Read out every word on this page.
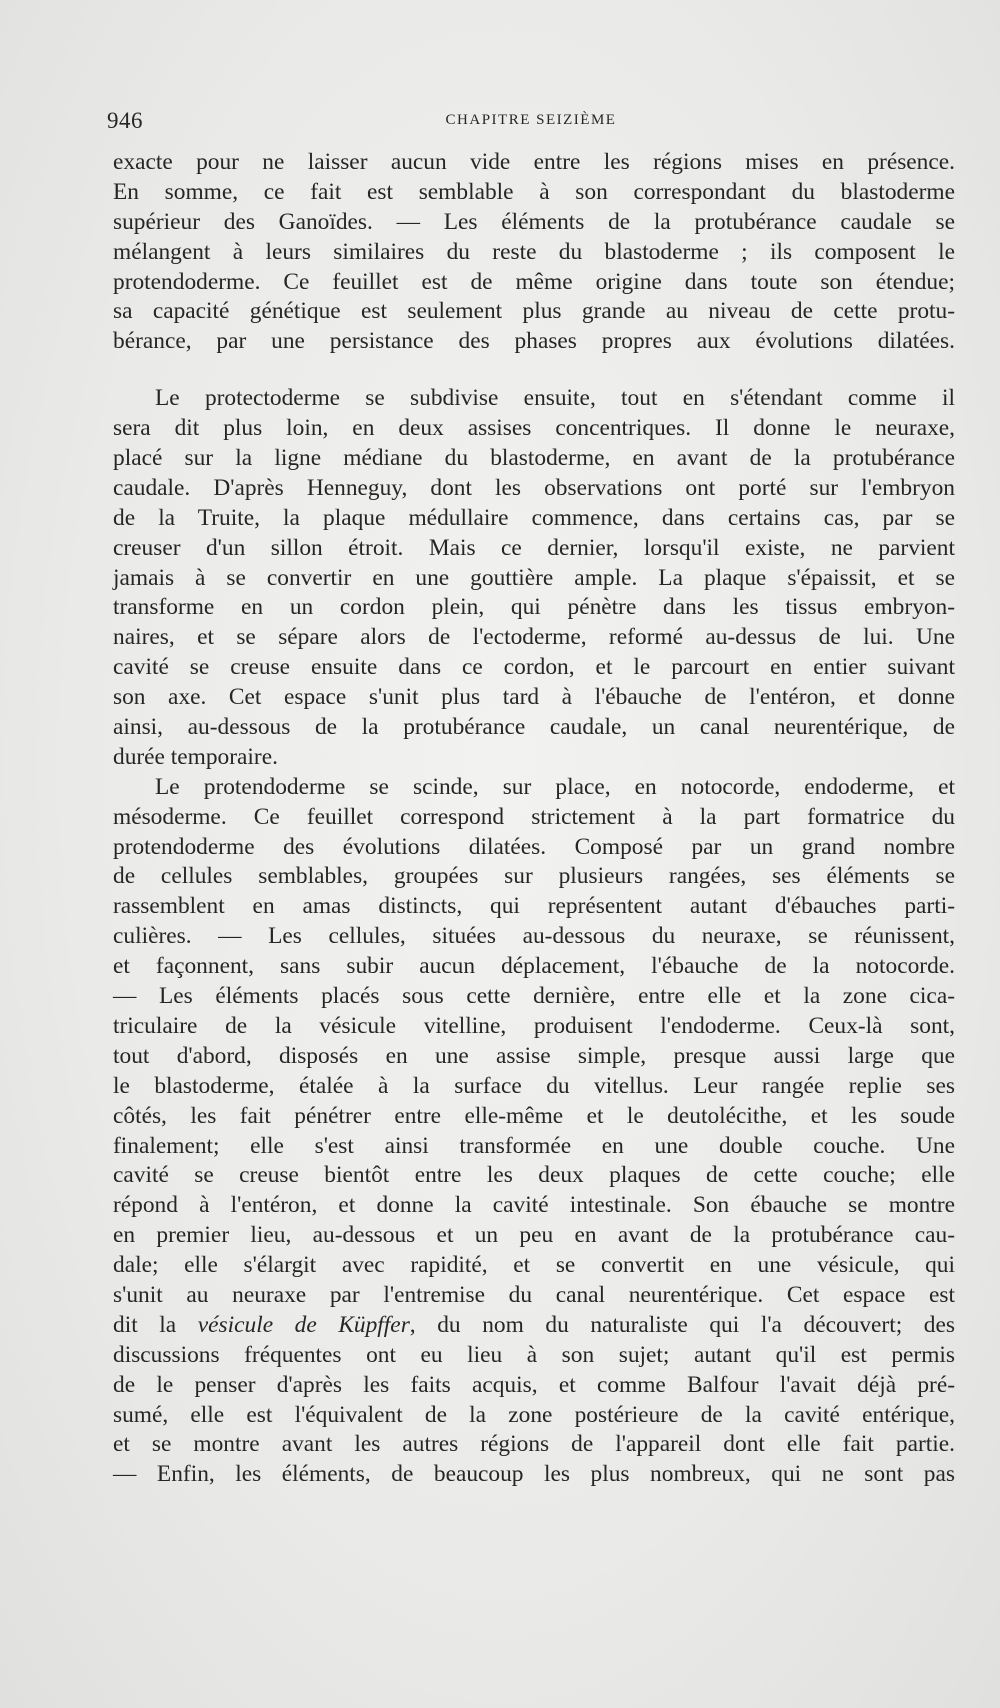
946	CHAPITRE SEIZIÈME
exacte pour ne laisser aucun vide entre les régions mises en présence.
En somme, ce fait est semblable à son correspondant du blastoderme
supérieur des Ganoïdes. — Les éléments de la protubérance caudale se
mélangent à leurs similaires du reste du blastoderme ; ils composent le
protendoderme. Ce feuillet est de même origine dans toute son étendue;
sa capacité génétique est seulement plus grande au niveau de cette protu-
bérance, par une persistance des phases propres aux évolutions dilatées.
Le protectoderme se subdivise ensuite, tout en s'étendant comme il
sera dit plus loin, en deux assises concentriques. Il donne le neuraxe,
placé sur la ligne médiane du blastoderme, en avant de la protubérance
caudale. D'après Henneguy, dont les observations ont porté sur l'embryon
de la Truite, la plaque médullaire commence, dans certains cas, par se
creuser d'un sillon étroit. Mais ce dernier, lorsqu'il existe, ne parvient
jamais à se convertir en une gouttière ample. La plaque s'épaissit, et se
transforme en un cordon plein, qui pénètre dans les tissus embryon-
naires, et se sépare alors de l'ectoderme, reformé au-dessus de lui. Une
cavité se creuse ensuite dans ce cordon, et le parcourt en entier suivant
son axe. Cet espace s'unit plus tard à l'ébauche de l'entéron, et donne
ainsi, au-dessous de la protubérance caudale, un canal neurentérique, de
durée temporaire.
Le protendoderme se scinde, sur place, en notocorde, endoderme, et
mésoderme. Ce feuillet correspond strictement à la part formatrice du
protendoderme des évolutions dilatées. Composé par un grand nombre
de cellules semblables, groupées sur plusieurs rangées, ses éléments se
rassemblent en amas distincts, qui représentent autant d'ébauches parti-
culières. — Les cellules, situées au-dessous du neuraxe, se réunissent,
et façonnent, sans subir aucun déplacement, l'ébauche de la notocorde.
— Les éléments placés sous cette dernière, entre elle et la zone cica-
triculaire de la vésicule vitelline, produisent l'endoderme. Ceux-là sont,
tout d'abord, disposés en une assise simple, presque aussi large que
le blastoderme, étalée à la surface du vitellus. Leur rangée replie ses
côtés, les fait pénétrer entre elle-même et le deutolécithe, et les soude
finalement; elle s'est ainsi transformée en une double couche. Une
cavité se creuse bientôt entre les deux plaques de cette couche; elle
répond à l'entéron, et donne la cavité intestinale. Son ébauche se montre
en premier lieu, au-dessous et un peu en avant de la protubérance cau-
dale; elle s'élargit avec rapidité, et se convertit en une vésicule, qui
s'unit au neuraxe par l'entremise du canal neurentérique. Cet espace est
dit la vésicule de Küpffer, du nom du naturaliste qui l'a découvert; des
discussions fréquentes ont eu lieu à son sujet; autant qu'il est permis
de le penser d'après les faits acquis, et comme Balfour l'avait déjà pré-
sumé, elle est l'équivalent de la zone postérieure de la cavité entérique,
et se montre avant les autres régions de l'appareil dont elle fait partie.
— Enfin, les éléments, de beaucoup les plus nombreux, qui ne sont pas
